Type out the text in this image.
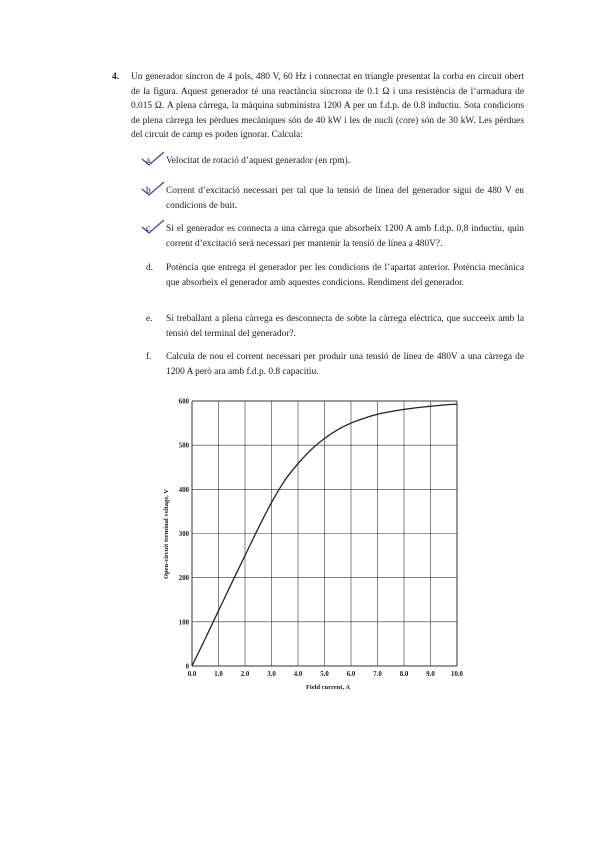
4. Un generador síncron de 4 pols, 480 V, 60 Hz i connectat en triangle presentat la corba en circuit obert de la figura. Aquest generador té una reactància síncrona de 0.1 Ω i una resistència de l’armadura de 0.015 Ω. A plena càrrega, la màquina subministra 1200 A per un f.d.p. de 0.8 inductiu. Sota condicions de plena càrrega les pèrdues mecàniques són de 40 kW i les de nucli (core) són de 30 kW. Les pèrdues del circuit de camp es poden ignorar. Calcula:
a.	Velocitat de rotació d’aquest generador (en rpm).
b.	Corrent d’excitació necessari per tal que la tensió de línea del generador sigui de 480 V en condicions de buit.
c.	Si el generador es connecta a una càrrega que absorbeix 1200 A amb f.d.p. 0,8 inductiu, quin corrent d’excitació serà necessari per mantenir la tensió de línea a 480V?.
d.	Potència que entrega el generador per les condicions de l’apartat anterior. Potència mecànica que absorbeix el generador amb aquestes condicions. Rendiment del generador.
e.	Si treballant a plena càrrega es desconnecta de sobte la càrrega elèctrica, que succeeix amb la tensió del terminal del generador?.
f.	Calcula de nou el corrent necessari per produir una tensió de línea de 480V a una càrrega de 1200 A però ara amb f.d.p. 0.8 capacitiu.
0.0	1.0	2.0	3.0	4.0	5.0	6.0	7.0	8.0	9.0 10.0
0
100
200
300
400
500
600
Field current, A
Open-circuit terminal voltage, V
